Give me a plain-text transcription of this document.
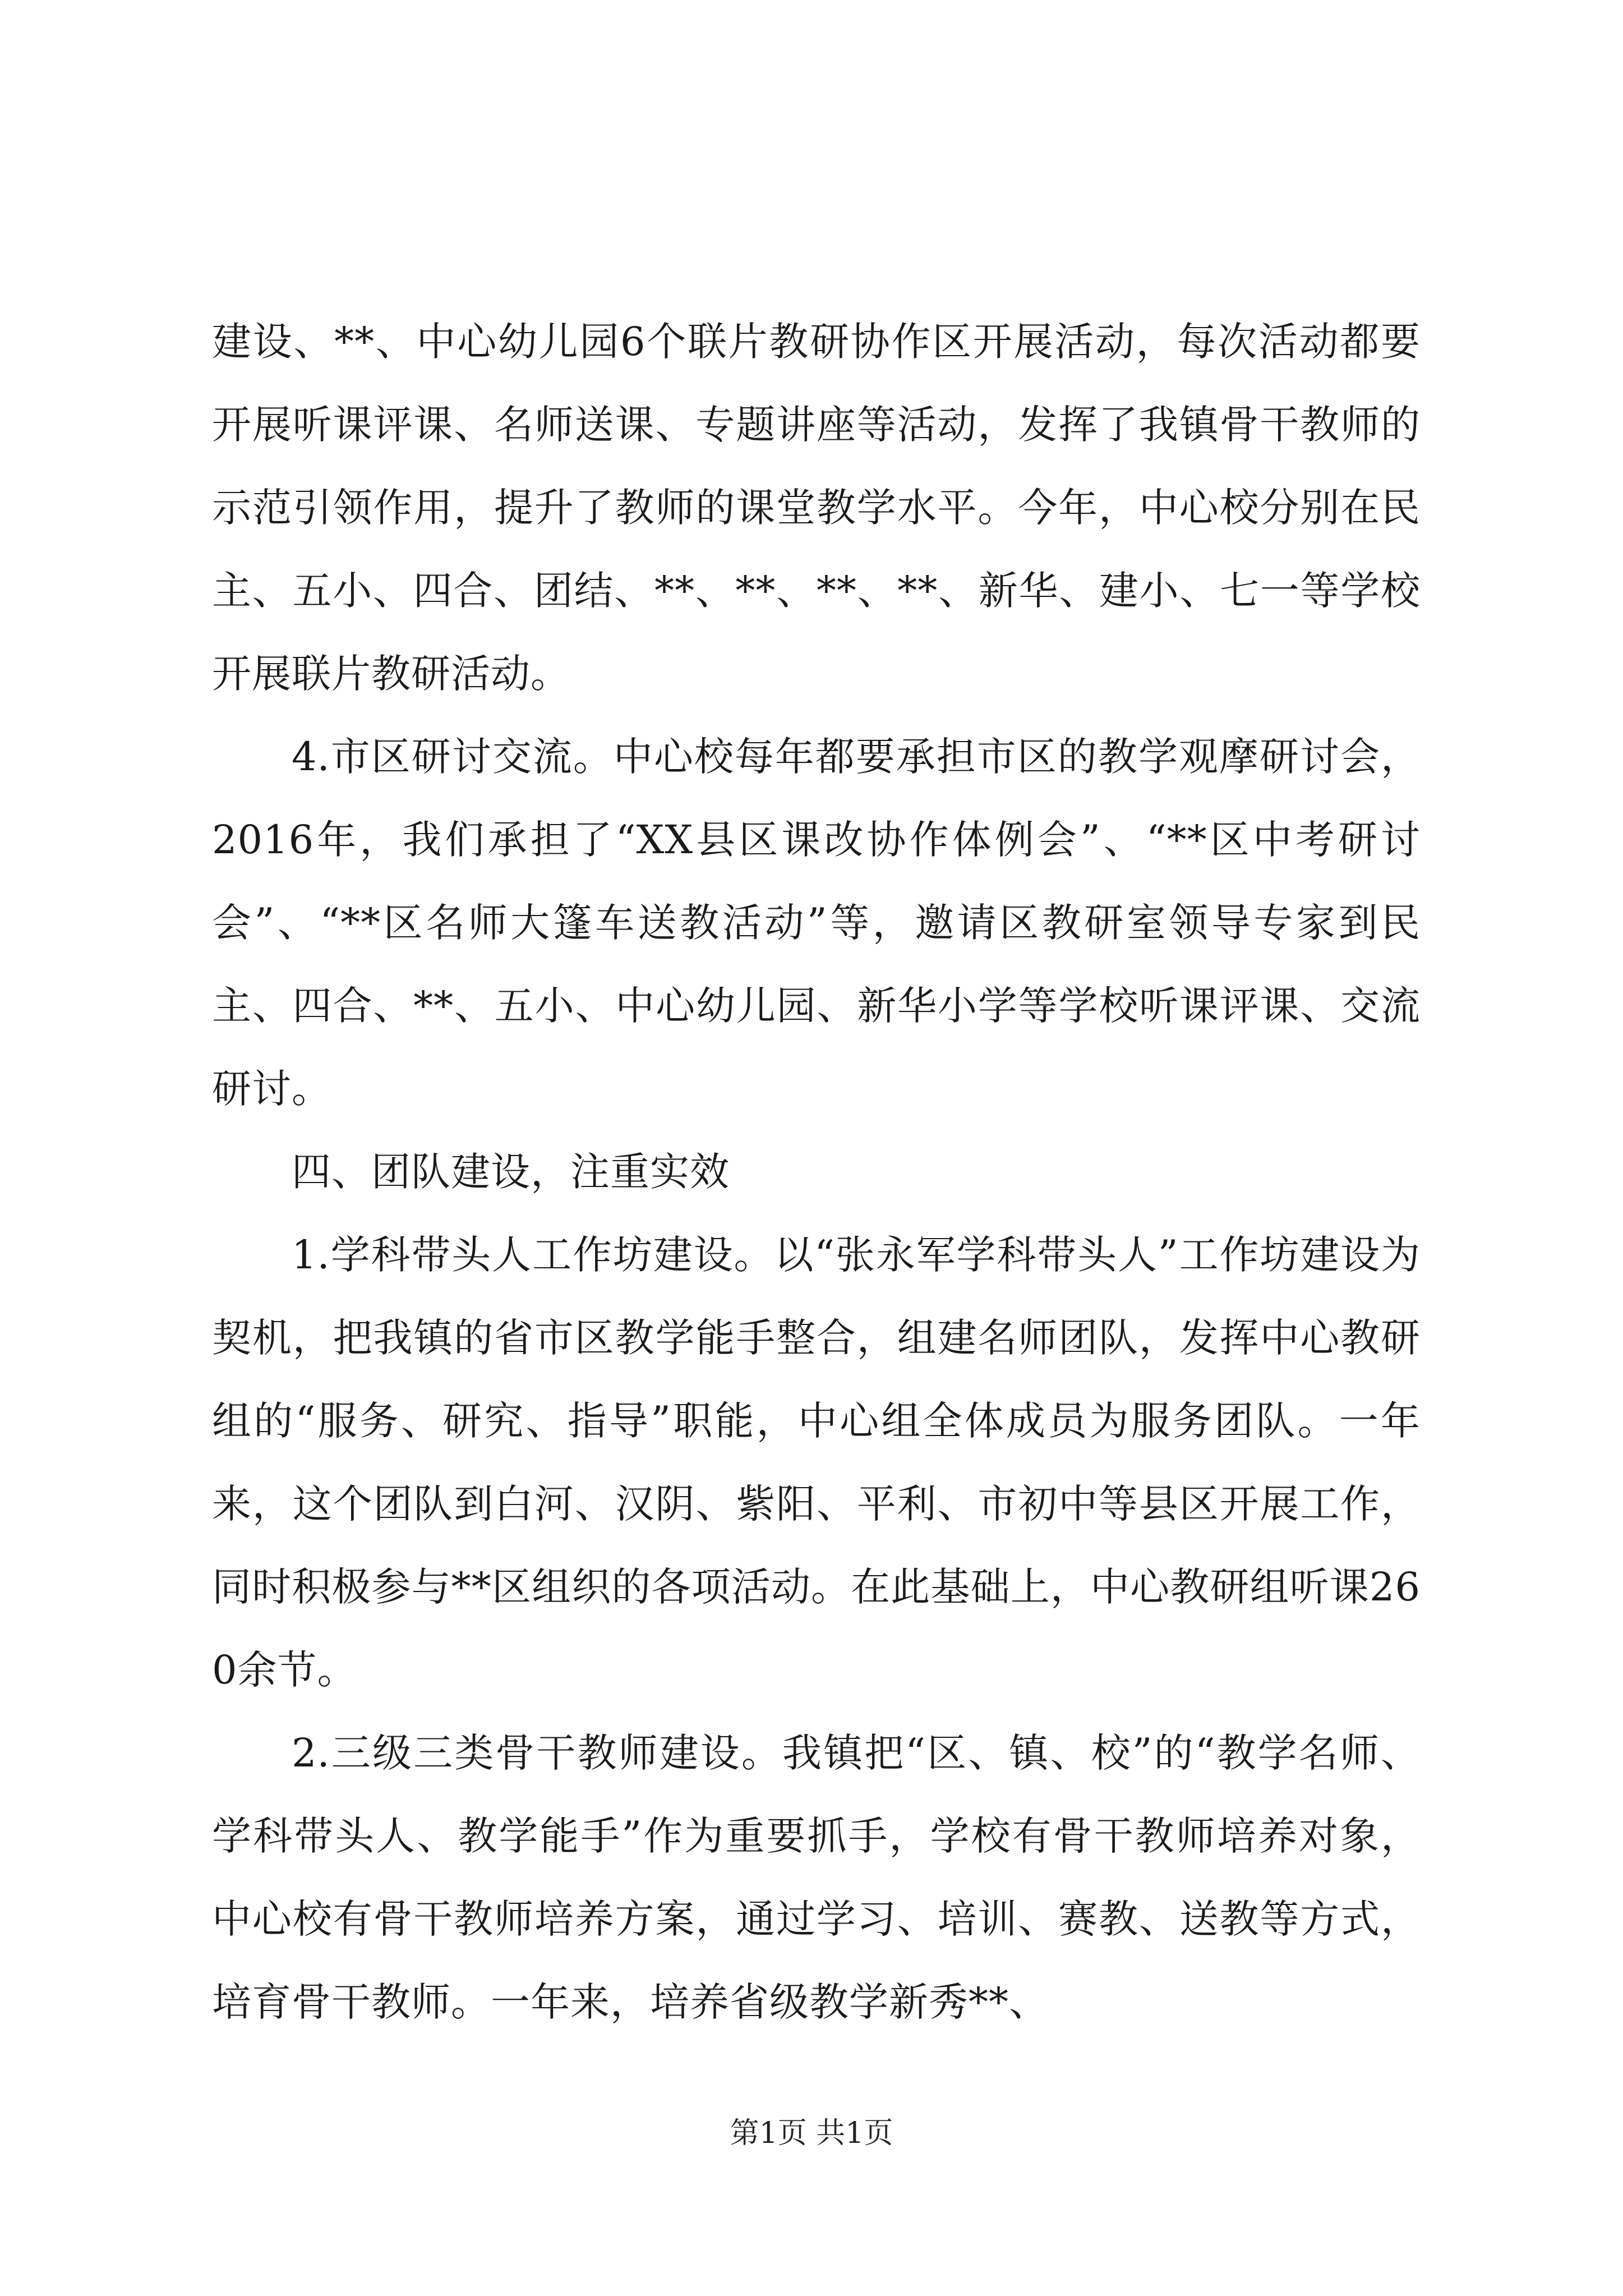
建设、**、中心幼儿园6个联片教研协作区开展活动，每次活动都要开展听课评课、名师送课、专题讲座等活动，发挥了我镇骨干教师的示范引领作用，提升了教师的课堂教学水平。今年，中心校分别在民主、五小、四合、团结、**、**、**、**、新华、建小、七一等学校开展联片教研活动。

4.市区研讨交流。中心校每年都要承担市区的教学观摩研讨会，2016年，我们承担了“XX县区课改协作体例会”、“**区中考研讨会”、“**区名师大篷车送教活动”等，邀请区教研室领导专家到民主、四合、**、五小、中心幼儿园、新华小学等学校听课评课、交流研讨。

四、团队建设，注重实效

1.学科带头人工作坊建设。以“张永军学科带头人”工作坊建设为契机，把我镇的省市区教学能手整合，组建名师团队，发挥中心教研组的“服务、研究、指导”职能，中心组全体成员为服务团队。一年来，这个团队到白河、汉阴、紫阳、平利、市初中等县区开展工作，同时积极参与**区组织的各项活动。在此基础上，中心教研组听课260余节。

2.三级三类骨干教师建设。我镇把“区、镇、校”的“教学名师、学科带头人、教学能手”作为重要抓手，学校有骨干教师培养对象，中心校有骨干教师培养方案，通过学习、培训、赛教、送教等方式，培育骨干教师。一年来，培养省级教学新秀**、

第1页 共1页
